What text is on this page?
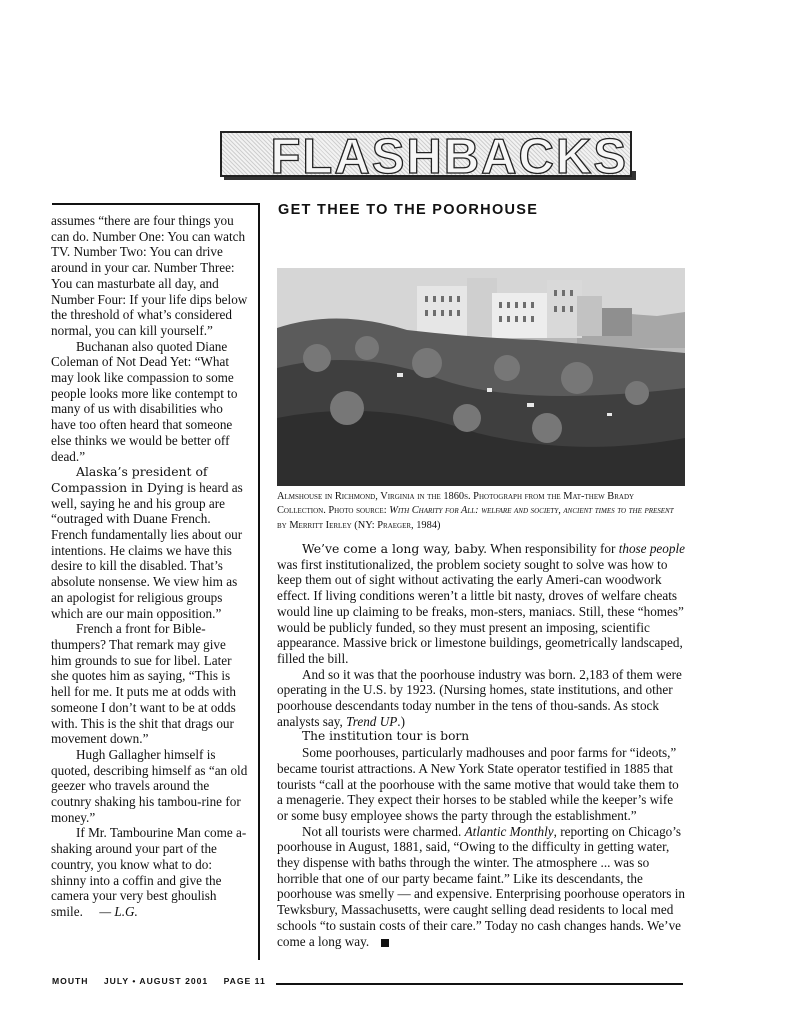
FLASHBACKS

assumes “there are four things you can do. Number One: You can watch TV. Number Two: You can drive around in your car. Number Three: You can masturbate all day, and Number Four: If your life dips below the threshold of what’s considered normal, you can kill yourself.”

Buchanan also quoted Diane Coleman of Not Dead Yet: “What may look like compassion to some people looks more like contempt to many of us with disabilities who have too often heard that someone else thinks we would be better off dead.”

Alaska’s president of Compassion in Dying is heard as well, saying he and his group are “outraged with Duane French. French fundamentally lies about our intentions. He claims we have this desire to kill the disabled. That’s absolute nonsense. We view him as an apologist for religious groups which are our main opposition.”

French a front for Bible-thumpers? That remark may give him grounds to sue for libel. Later she quotes him as saying, “This is hell for me. It puts me at odds with someone I don’t want to be at odds with. This is the shit that drags our movement down.”

Hugh Gallagher himself is quoted, describing himself as “an old geezer who travels around the coutnry shaking his tambou-rine for money.”

If Mr. Tambourine Man come a-shaking around your part of the country, you know what to do: shinny into a coffin and give the camera your very best ghoulish smile. — L.G.

GET THEE TO THE POORHOUSE
Almshouse in Richmond, Virginia in the 1860s. Photograph from the Mat-thew Brady Collection. Photo source: With Charity for All: welfare and society, ancient times to the present by Merritt Ierley (NY: Praeger, 1984)

We’ve come a long way, baby. When responsibility for those people was first institutionalized, the problem society sought to solve was how to keep them out of sight without activating the early Ameri-can woodwork effect. If living conditions weren’t a little bit nasty, droves of welfare cheats would line up claiming to be freaks, mon-sters, maniacs. Still, these “homes” would be publicly funded, so they must present an imposing, scientific appearance. Massive brick or limestone buildings, geometrically landscaped, filled the bill.

And so it was that the poorhouse industry was born. 2,183 of them were operating in the U.S. by 1923. (Nursing homes, state institutions, and other poorhouse descendants today number in the tens of thou-sands. As stock analysts say, Trend UP.)

The institution tour is born

Some poorhouses, particularly madhouses and poor farms for “ideots,” became tourist attractions. A New York State operator testified in 1885 that tourists “call at the poorhouse with the same motive that would take them to a menagerie. They expect their horses to be stabled while the keeper’s wife or some busy employee shows the party through the establishment.”

Not all tourists were charmed. Atlantic Monthly, reporting on Chicago’s poorhouse in August, 1881, said, “Owing to the difficulty in getting water, they dispense with baths through the winter. The atmosphere ... was so horrible that one of our party became faint.” Like its descendants, the poorhouse was smelly — and expensive. Enterprising poorhouse operators in Tewksbury, Massachusetts, were caught selling dead residents to local med schools “to sustain costs of their care.” Today no cash changes hands. We’ve come a long way.

MOUTH JULY • AUGUST 2001 PAGE 11
